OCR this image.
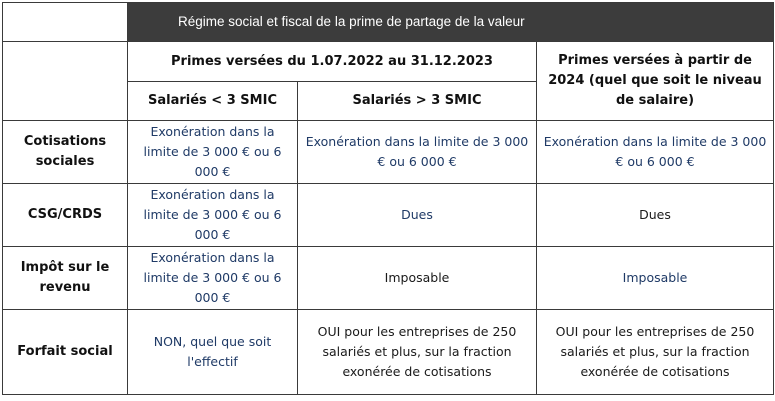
	Régime social et fiscal de la prime de partage de la valeur		
	Primes versées du 1.07.2022 au 31.12.2023		Primes versées à partir de 2024 (quel que soit le niveau de salaire)
	Salariés < 3 SMIC	Salariés > 3 SMIC	
Cotisations sociales	Exonération dans la limite de 3 000 € ou 6 000 €	Exonération dans la limite de 3 000 € ou 6 000 €	Exonération dans la limite de 3 000 € ou 6 000 €
CSG/CRDS	Exonération dans la limite de 3 000 € ou 6 000 €	Dues	Dues
Impôt sur le revenu	Exonération dans la limite de 3 000 € ou 6 000 €	Imposable	Imposable
Forfait social	NON, quel que soit l'effectif	OUI pour les entreprises de 250 salariés et plus, sur la fraction exonérée de cotisations	OUI pour les entreprises de 250 salariés et plus, sur la fraction exonérée de cotisations
